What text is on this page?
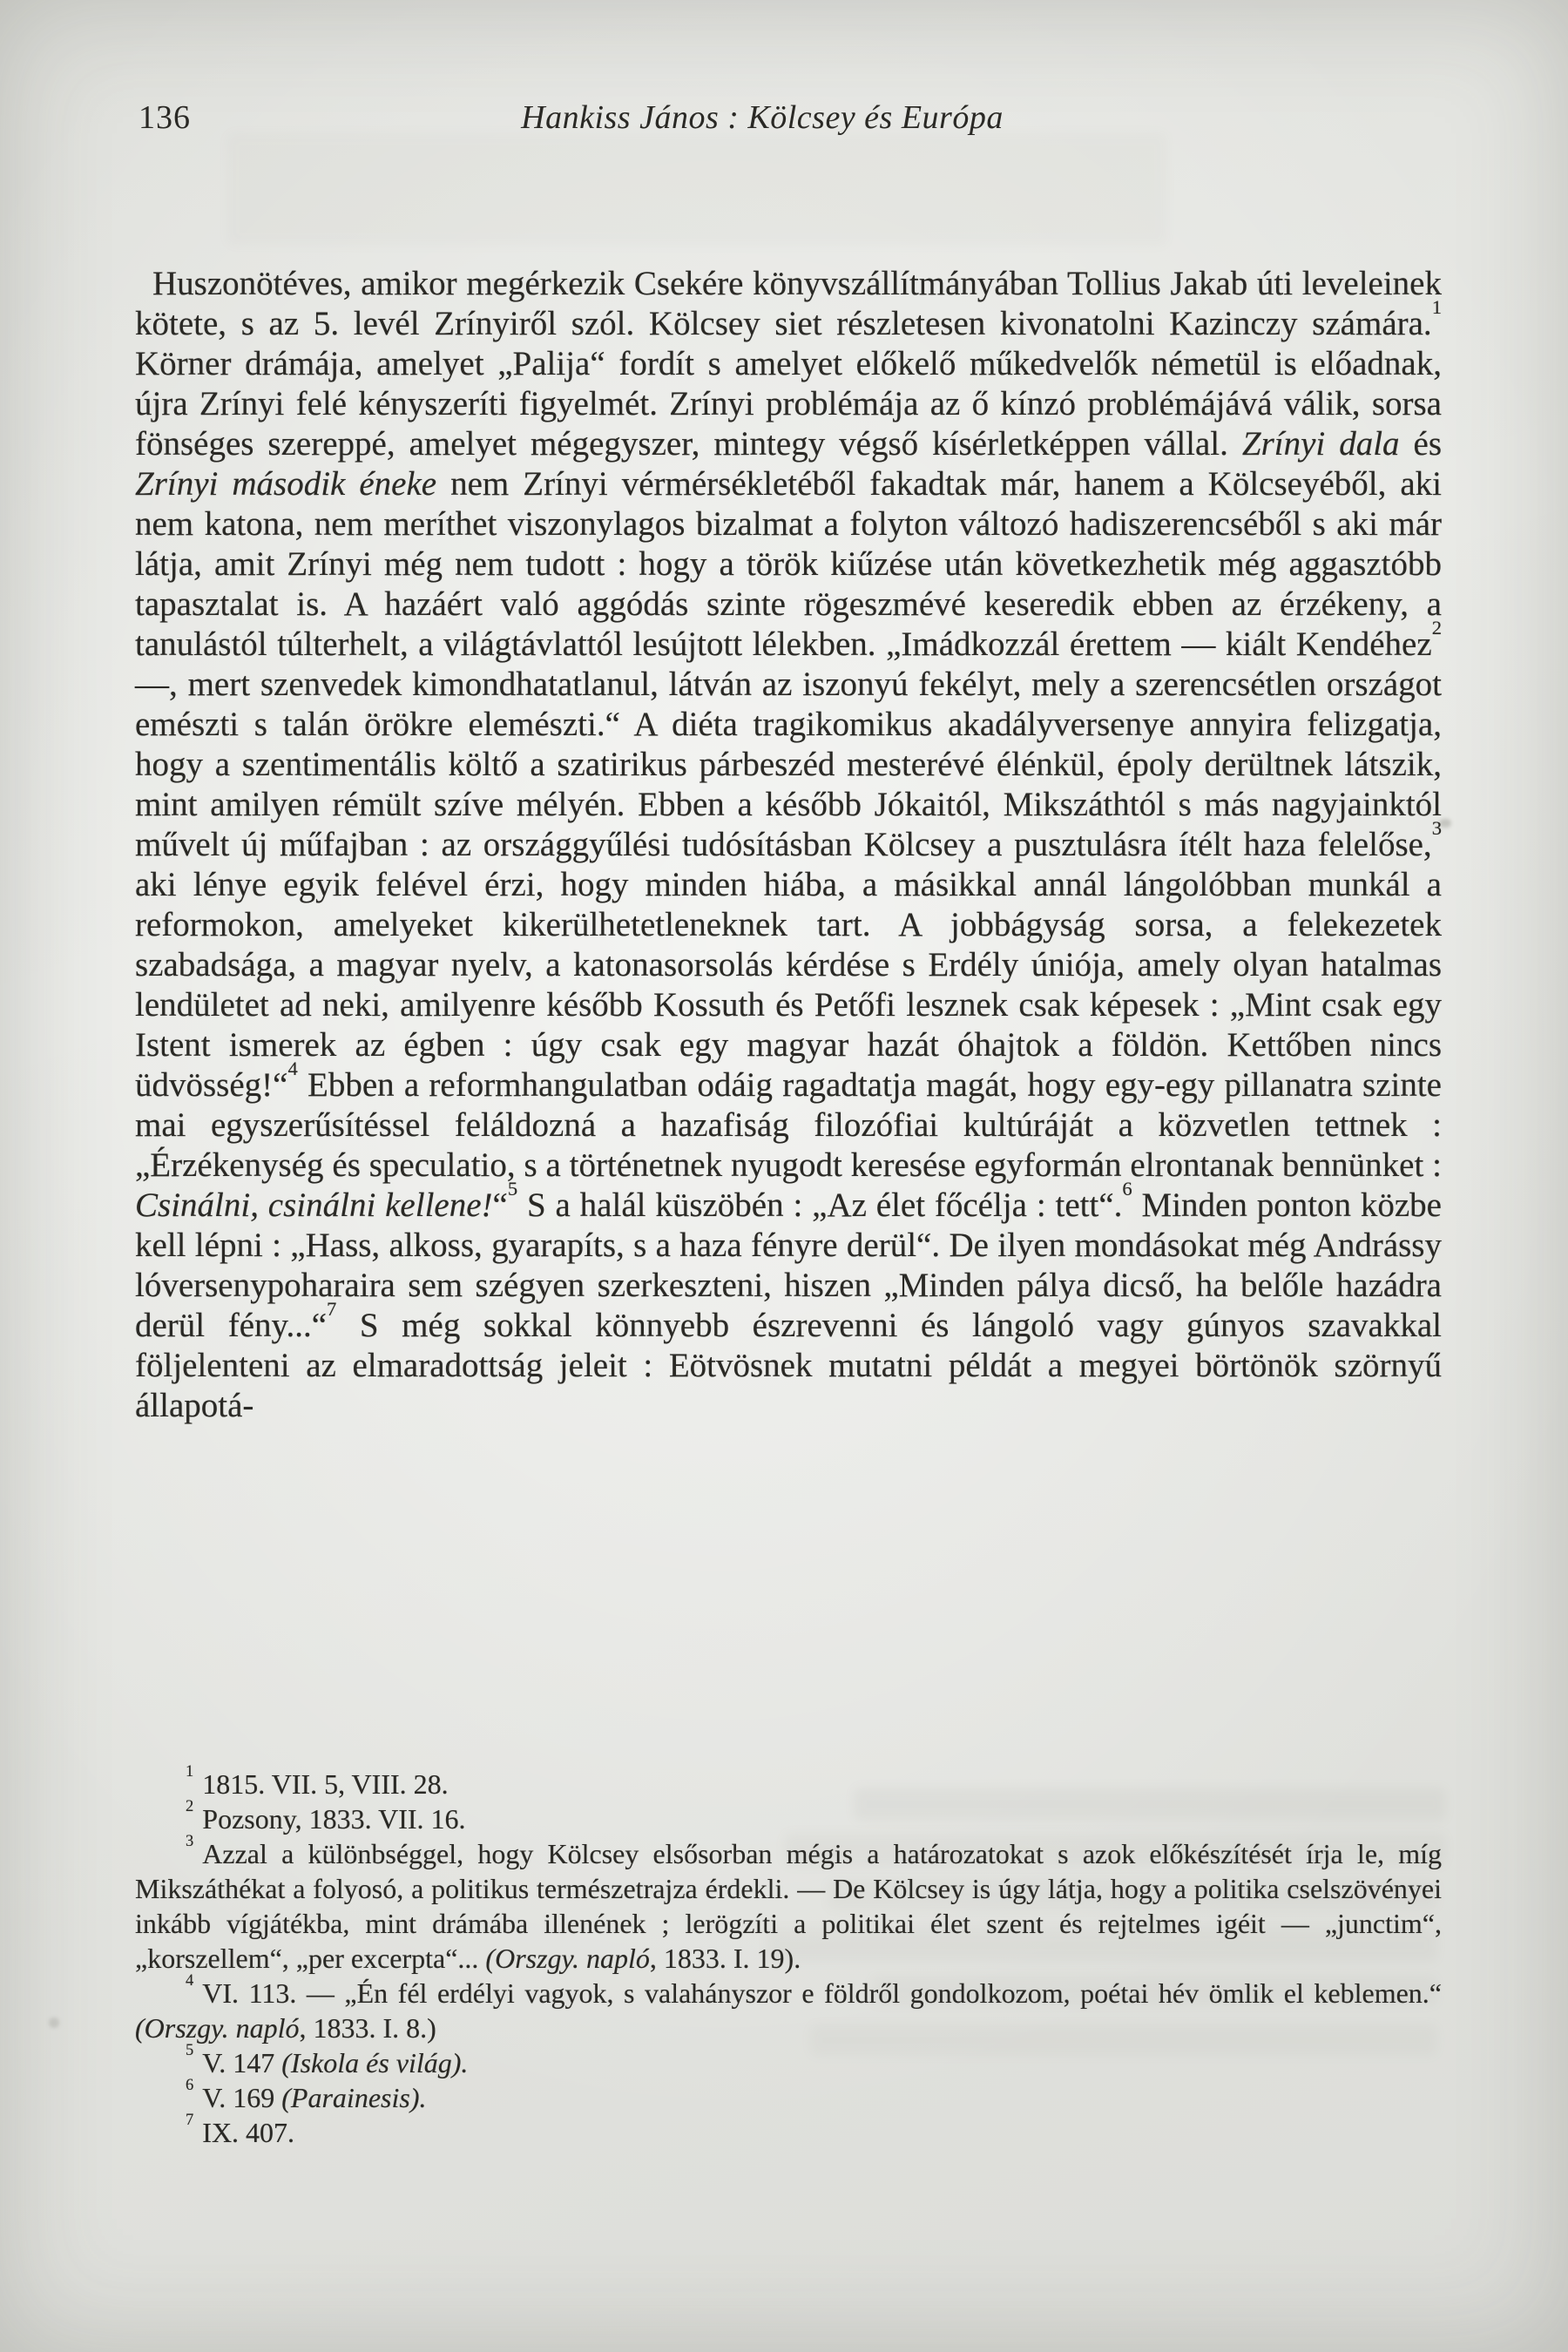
136	Hankiss János : Kölcsey és Európa

Huszonötéves, amikor megérkezik Csekére könyvszállítmányában Tollius Jakab úti leveleinek kötete, s az 5. levél Zrínyiről szól. Kölcsey siet részletesen kivonatolni Kazinczy számára.$^1$ Körner drámája, amelyet „Palija“ fordít s amelyet előkelő műkedvelők németül is előadnak, újra Zrínyi felé kényszeríti figyelmét. Zrínyi problémája az ő kínzó problémájává válik, sorsa fönséges szereppé, amelyet mégegyszer, mintegy végső kísérletképpen vállal. Zrínyi dala és Zrínyi második éneke nem Zrínyi vérmérsékletéből fakadtak már, hanem a Kölcseyéből, aki nem katona, nem meríthet viszonylagos bizalmat a folyton változó hadiszerencséből s aki már látja, amit Zrínyi még nem tudott : hogy a török kiűzése után következhetik még aggasztóbb tapasztalat is. A hazáért való aggódás szinte rögeszmévé keseredik ebben az érzékeny, a tanulástól túlterhelt, a világtávlattól lesújtott lélekben. „Imádkozzál érettem — kiált Kendéhez$^2$ —, mert szenvedek kimondhatatlanul, látván az iszonyú fekélyt, mely a szerencsétlen országot emészti s talán örökre elemészti.“ A diéta tragikomikus akadályversenye annyira felizgatja, hogy a szentimentális költő a szatirikus párbeszéd mesterévé élénkül, époly derültnek látszik, mint amilyen rémült szíve mélyén. Ebben a később Jókaitól, Mikszáthtól s más nagyjainktól művelt új műfajban : az országgyűlési tudósításban Kölcsey a pusztulásra ítélt haza felelőse,$^3$ aki lénye egyik felével érzi, hogy minden hiába, a másikkal annál lángolóbban munkál a reformokon, amelyeket kikerülhetetleneknek tart. A jobbágyság sorsa, a felekezetek szabadsága, a magyar nyelv, a katonasorsolás kérdése s Erdély úniója, amely olyan hatalmas lendületet ad neki, amilyenre később Kossuth és Petőfi lesznek csak képesek : „Mint csak egy Istent ismerek az égben : úgy csak egy magyar hazát óhajtok a földön. Kettőben nincs üdvösség!“$^4$ Ebben a reformhangulatban odáig ragadtatja magát, hogy egy-egy pillanatra szinte mai egyszerűsítéssel feláldozná a hazafiság filozófiai kultúráját a közvetlen tettnek : „Érzékenység és speculatio, s a történetnek nyugodt keresése egyformán elrontanak bennünket : Csinálni, csinálni kellene!“$^5$ S a halál küszöbén : „Az élet főcélja : tett“.$^6$ Minden ponton közbe kell lépni : „Hass, alkoss, gyarapíts, s a haza fényre derül“. De ilyen mondásokat még Andrássy lóversenypoharaira sem szégyen szerkeszteni, hiszen „Minden pálya dicső, ha belőle hazádra derül fény...“$^7$ S még sokkal könnyebb észrevenni és lángoló vagy gúnyos szavakkal följelenteni az elmaradottság jeleit : Eötvösnek mutatni példát a megyei börtönök szörnyű állapotá-

$^1$ 1815. VII. 5, VIII. 28.

$^2$ Pozsony, 1833. VII. 16.

$^3$ Azzal a különbséggel, hogy Kölcsey elsősorban mégis a határozatokat s azok előkészítését írja le, míg Mikszáthékat a folyosó, a politikus természetrajza érdekli. — De Kölcsey is úgy látja, hogy a politika cselszövényei inkább vígjátékba, mint drámába illenének ; lerögzíti a politikai élet szent és rejtelmes igéit — „junctim“, „korszellem“, „per excerpta“... (Orszgy. napló, 1833. I. 19).

$^4$ VI. 113. — „Én fél erdélyi vagyok, s valahányszor e földről gondolkozom, poétai hév ömlik el keblemen.“ (Orszgy. napló, 1833. I. 8.)

$^5$ V. 147 (Iskola és világ).

$^6$ V. 169 (Parainesis).

$^7$ IX. 407.
